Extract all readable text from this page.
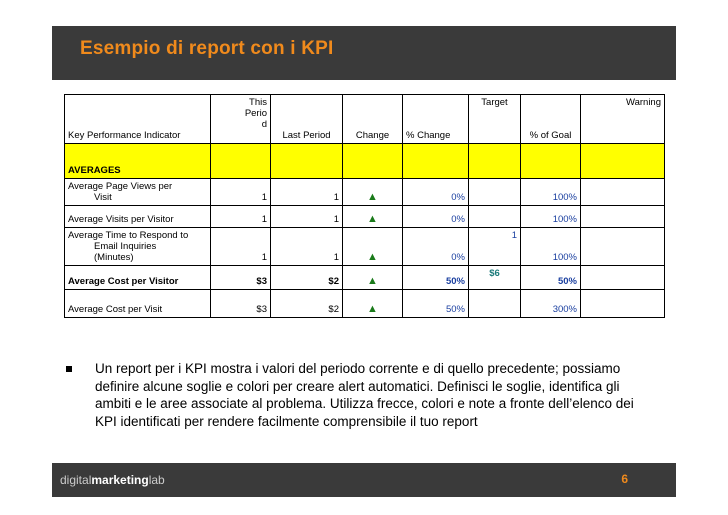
Esempio di report con i KPI
Key Performance Indicator	This
Perio
d	Last Period	Change	% Change	Target	% of Goal	Warning
AVERAGES							
Average Page Views per
Visit	1	1	▲	0%		100%	
Average Visits per Visitor	1	1	▲	0%		100%	
Average Time to Respond to
Email Inquiries
(Minutes)	1	1	▲	0%	1	100%	
Average Cost per Visitor	$3	$2	▲	50%	$6	50%	
Average Cost per Visit	$3	$2	▲	50%		300%	
Un report per i KPI mostra i valori del periodo corrente e di quello precedente; possiamo definire alcune soglie e colori per creare alert automatici. Definisci le soglie, identifica gli ambiti e le aree associate al problema. Utilizza frecce, colori e note a fronte dell’elenco dei KPI identificati per rendere facilmente comprensibile il tuo report
digitalmarketinglab	6
